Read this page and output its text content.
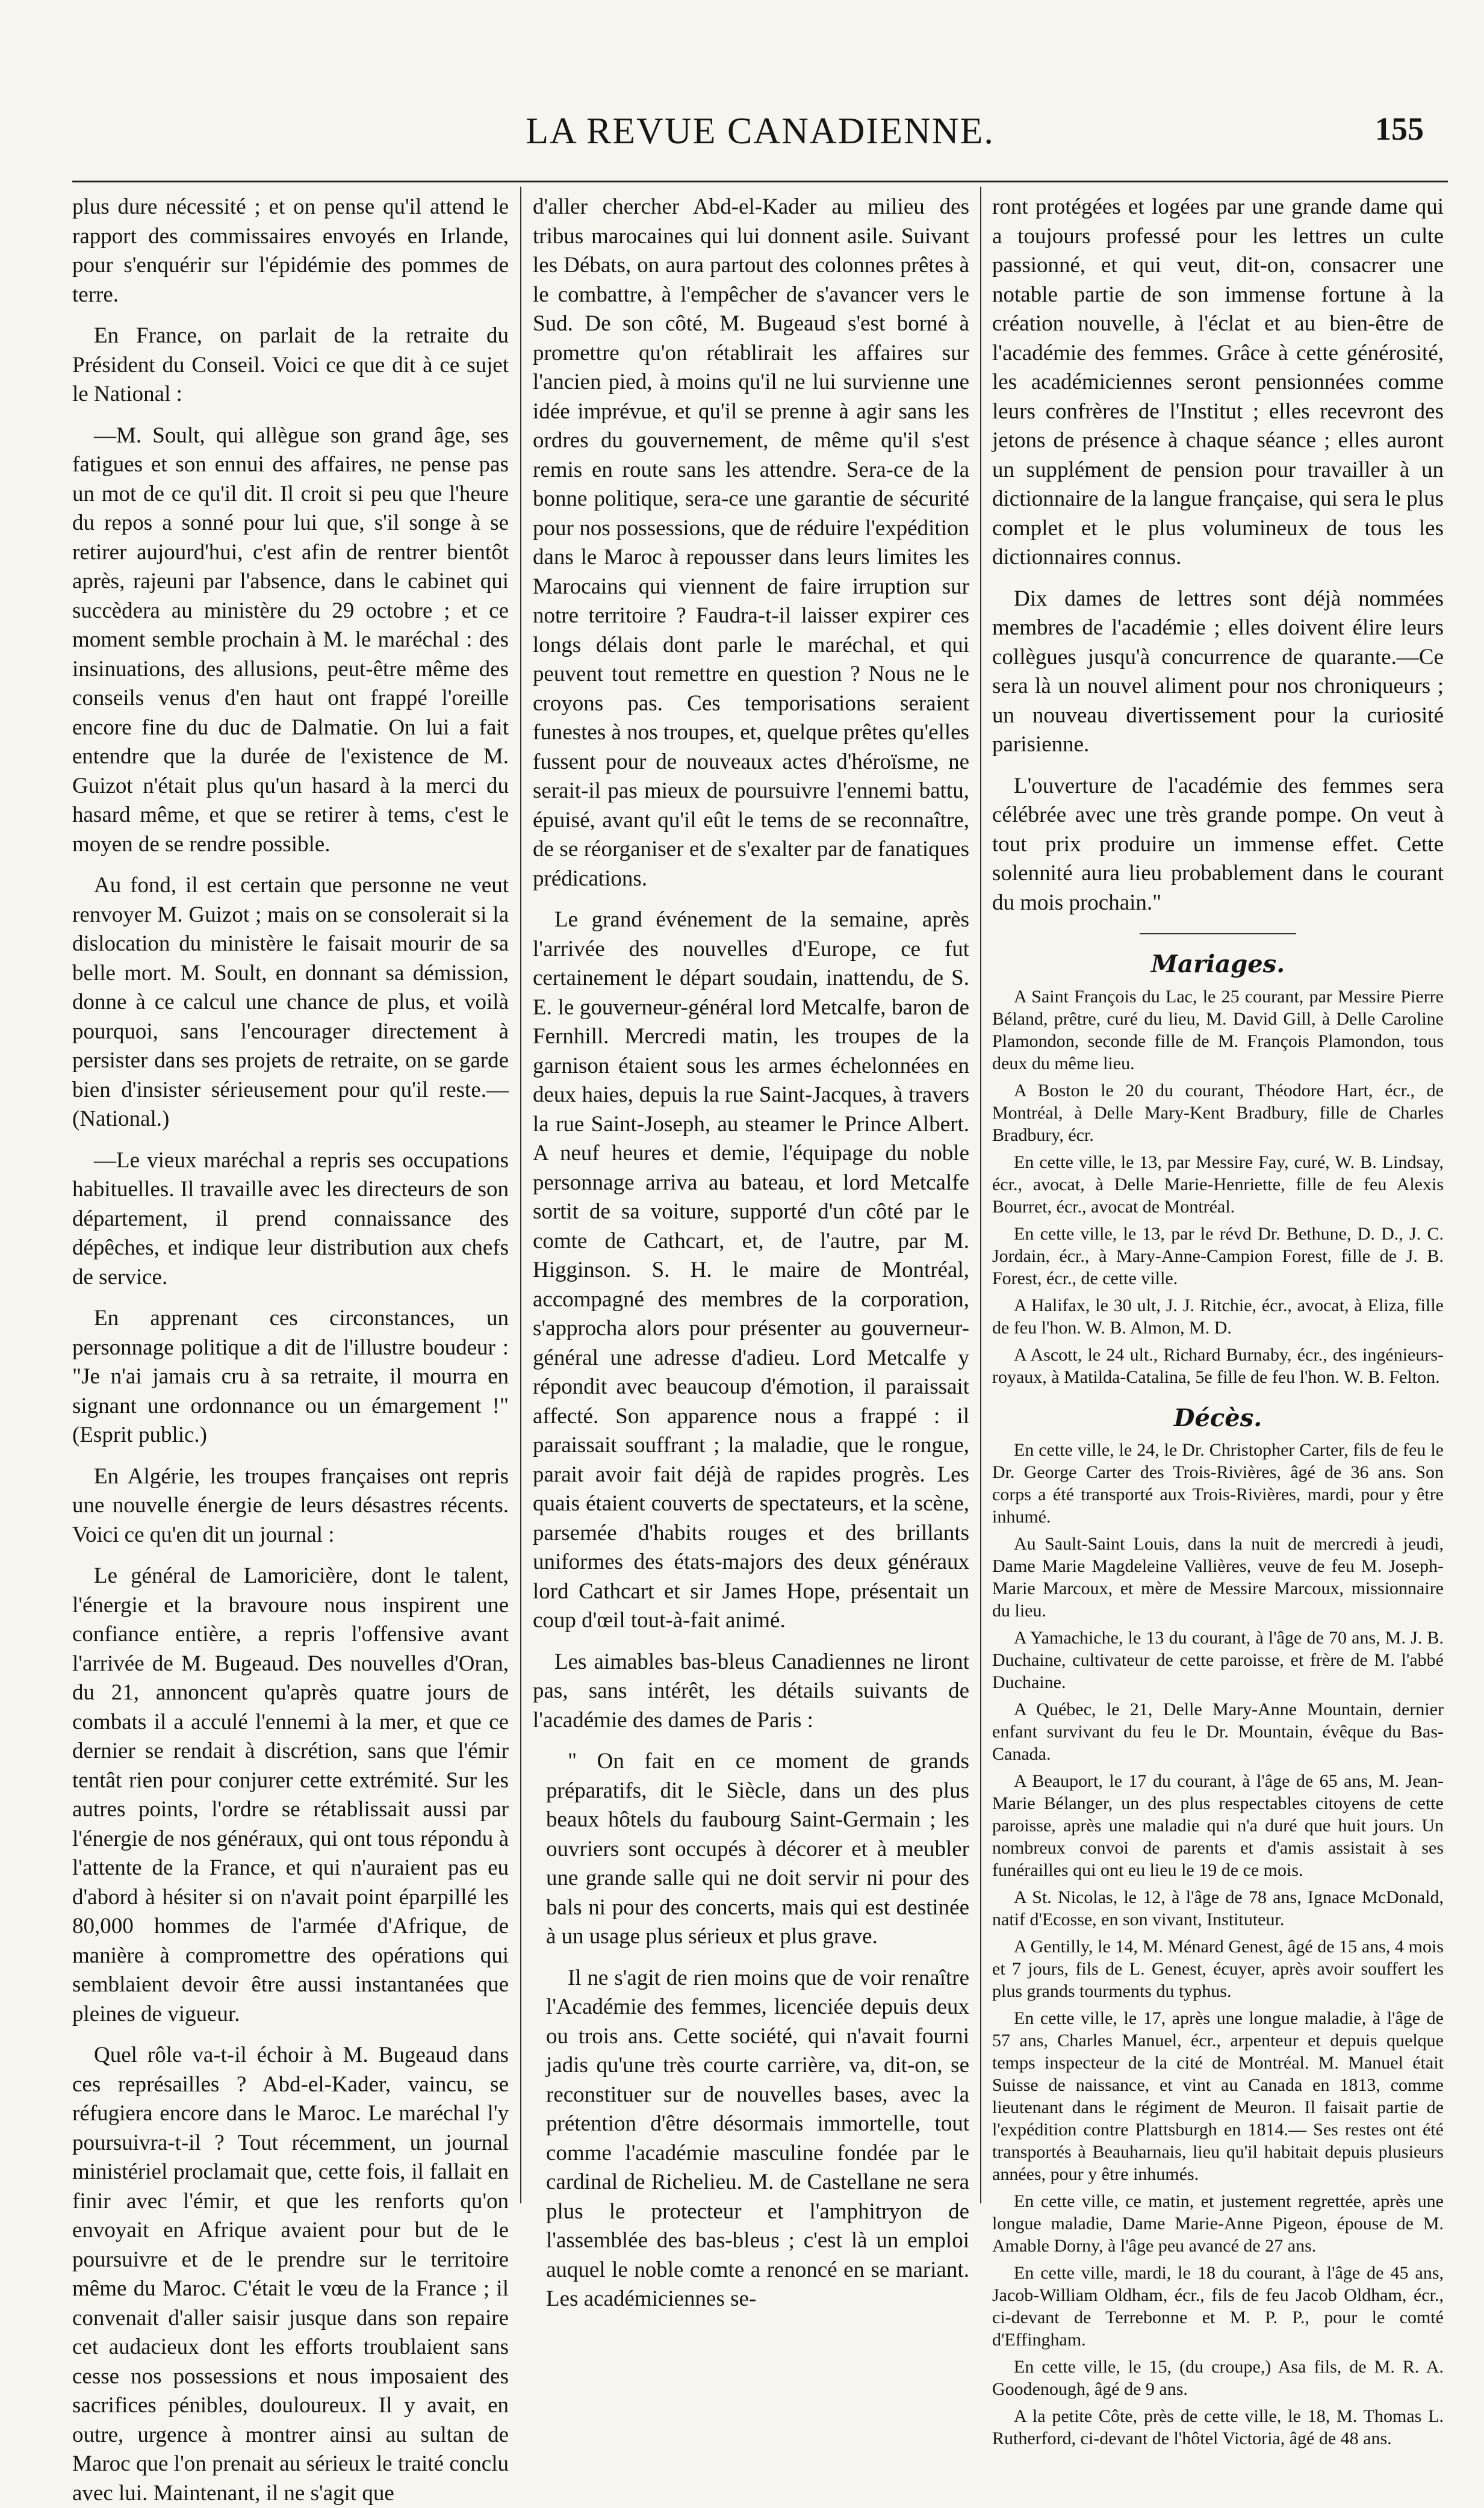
LA REVUE CANADIENNE.	155

plus dure nécessité ; et on pense qu'il attend le rapport des commissaires envoyés en Irlande, pour s'enquérir sur l'épidémie des pommes de terre.

En France, on parlait de la retraite du Président du Conseil. Voici ce que dit à ce sujet le National :

—M. Soult, qui allègue son grand âge, ses fatigues et son ennui des affaires, ne pense pas un mot de ce qu'il dit. Il croit si peu que l'heure du repos a sonné pour lui que, s'il songe à se retirer aujourd'hui, c'est afin de rentrer bientôt après, rajeuni par l'absence, dans le cabinet qui succèdera au ministère du 29 octobre ; et ce moment semble prochain à M. le maréchal : des insinuations, des allusions, peut-être même des conseils venus d'en haut ont frappé l'oreille encore fine du duc de Dalmatie. On lui a fait entendre que la durée de l'existence de M. Guizot n'était plus qu'un hasard à la merci du hasard même, et que se retirer à tems, c'est le moyen de se rendre possible.

Au fond, il est certain que personne ne veut renvoyer M. Guizot ; mais on se consolerait si la dislocation du ministère le faisait mourir de sa belle mort. M. Soult, en donnant sa démission, donne à ce calcul une chance de plus, et voilà pourquoi, sans l'encourager directement à persister dans ses projets de retraite, on se garde bien d'insister sérieusement pour qu'il reste.—(National.)

—Le vieux maréchal a repris ses occupations habituelles. Il travaille avec les directeurs de son département, il prend connaissance des dépêches, et indique leur distribution aux chefs de service.

En apprenant ces circonstances, un personnage politique a dit de l'illustre boudeur : "Je n'ai jamais cru à sa retraite, il mourra en signant une ordonnance ou un émargement !" (Esprit public.)

En Algérie, les troupes françaises ont repris une nouvelle énergie de leurs désastres récents. Voici ce qu'en dit un journal :

Le général de Lamoricière, dont le talent, l'énergie et la bravoure nous inspirent une confiance entière, a repris l'offensive avant l'arrivée de M. Bugeaud. Des nouvelles d'Oran, du 21, annoncent qu'après quatre jours de combats il a acculé l'ennemi à la mer, et que ce dernier se rendait à discrétion, sans que l'émir tentât rien pour conjurer cette extrémité. Sur les autres points, l'ordre se rétablissait aussi par l'énergie de nos généraux, qui ont tous répondu à l'attente de la France, et qui n'auraient pas eu d'abord à hésiter si on n'avait point éparpillé les 80,000 hommes de l'armée d'Afrique, de manière à compromettre des opérations qui semblaient devoir être aussi instantanées que pleines de vigueur.

Quel rôle va-t-il échoir à M. Bugeaud dans ces représailles ? Abd-el-Kader, vaincu, se réfugiera encore dans le Maroc. Le maréchal l'y poursuivra-t-il ? Tout récemment, un journal ministériel proclamait que, cette fois, il fallait en finir avec l'émir, et que les renforts qu'on envoyait en Afrique avaient pour but de le poursuivre et de le prendre sur le territoire même du Maroc. C'était le vœu de la France ; il convenait d'aller saisir jusque dans son repaire cet audacieux dont les efforts troublaient sans cesse nos possessions et nous imposaient des sacrifices pénibles, douloureux. Il y avait, en outre, urgence à montrer ainsi au sultan de Maroc que l'on prenait au sérieux le traité conclu avec lui. Maintenant, il ne s'agit que

d'aller chercher Abd-el-Kader au milieu des tribus marocaines qui lui donnent asile. Suivant les Débats, on aura partout des colonnes prêtes à le combattre, à l'empêcher de s'avancer vers le Sud. De son côté, M. Bugeaud s'est borné à promettre qu'on rétablirait les affaires sur l'ancien pied, à moins qu'il ne lui survienne une idée imprévue, et qu'il se prenne à agir sans les ordres du gouvernement, de même qu'il s'est remis en route sans les attendre. Sera-ce de la bonne politique, sera-ce une garantie de sécurité pour nos possessions, que de réduire l'expédition dans le Maroc à repousser dans leurs limites les Marocains qui viennent de faire irruption sur notre territoire ? Faudra-t-il laisser expirer ces longs délais dont parle le maréchal, et qui peuvent tout remettre en question ? Nous ne le croyons pas. Ces temporisations seraient funestes à nos troupes, et, quelque prêtes qu'elles fussent pour de nouveaux actes d'héroïsme, ne serait-il pas mieux de poursuivre l'ennemi battu, épuisé, avant qu'il eût le tems de se reconnaître, de se réorganiser et de s'exalter par de fanatiques prédications.

Le grand événement de la semaine, après l'arrivée des nouvelles d'Europe, ce fut certainement le départ soudain, inattendu, de S. E. le gouverneur-général lord Metcalfe, baron de Fernhill. Mercredi matin, les troupes de la garnison étaient sous les armes échelonnées en deux haies, depuis la rue Saint-Jacques, à travers la rue Saint-Joseph, au steamer le Prince Albert. A neuf heures et demie, l'équipage du noble personnage arriva au bateau, et lord Metcalfe sortit de sa voiture, supporté d'un côté par le comte de Cathcart, et, de l'autre, par M. Higginson. S. H. le maire de Montréal, accompagné des membres de la corporation, s'approcha alors pour présenter au gouverneur-général une adresse d'adieu. Lord Metcalfe y répondit avec beaucoup d'émotion, il paraissait affecté. Son apparence nous a frappé : il paraissait souffrant ; la maladie, que le rongue, parait avoir fait déjà de rapides progrès. Les quais étaient couverts de spectateurs, et la scène, parsemée d'habits rouges et des brillants uniformes des états-majors des deux généraux lord Cathcart et sir James Hope, présentait un coup d'œil tout-à-fait animé.

Les aimables bas-bleus Canadiennes ne liront pas, sans intérêt, les détails suivants de l'académie des dames de Paris :

" On fait en ce moment de grands préparatifs, dit le Siècle, dans un des plus beaux hôtels du faubourg Saint-Germain ; les ouvriers sont occupés à décorer et à meubler une grande salle qui ne doit servir ni pour des bals ni pour des concerts, mais qui est destinée à un usage plus sérieux et plus grave.

Il ne s'agit de rien moins que de voir renaître l'Académie des femmes, licenciée depuis deux ou trois ans. Cette société, qui n'avait fourni jadis qu'une très courte carrière, va, dit-on, se reconstituer sur de nouvelles bases, avec la prétention d'être désormais immortelle, tout comme l'académie masculine fondée par le cardinal de Richelieu. M. de Castellane ne sera plus le protecteur et l'amphitryon de l'assemblée des bas-bleus ; c'est là un emploi auquel le noble comte a renoncé en se mariant. Les académiciennes se-

ront protégées et logées par une grande dame qui a toujours professé pour les lettres un culte passionné, et qui veut, dit-on, consacrer une notable partie de son immense fortune à la création nouvelle, à l'éclat et au bien-être de l'académie des femmes. Grâce à cette générosité, les académiciennes seront pensionnées comme leurs confrères de l'Institut ; elles recevront des jetons de présence à chaque séance ; elles auront un supplément de pension pour travailler à un dictionnaire de la langue française, qui sera le plus complet et le plus volumineux de tous les dictionnaires connus.

Dix dames de lettres sont déjà nommées membres de l'académie ; elles doivent élire leurs collègues jusqu'à concurrence de quarante.—Ce sera là un nouvel aliment pour nos chroniqueurs ; un nouveau divertissement pour la curiosité parisienne.

L'ouverture de l'académie des femmes sera célébrée avec une très grande pompe. On veut à tout prix produire un immense effet. Cette solennité aura lieu probablement dans le courant du mois prochain."

Mariages.

A Saint François du Lac, le 25 courant, par Messire Pierre Béland, prêtre, curé du lieu, M. David Gill, à Delle Caroline Plamondon, seconde fille de M. François Plamondon, tous deux du même lieu.

A Boston le 20 du courant, Théodore Hart, écr., de Montréal, à Delle Mary-Kent Bradbury, fille de Charles Bradbury, écr.

En cette ville, le 13, par Messire Fay, curé, W. B. Lindsay, écr., avocat, à Delle Marie-Henriette, fille de feu Alexis Bourret, écr., avocat de Montréal.

En cette ville, le 13, par le révd Dr. Bethune, D. D., J. C. Jordain, écr., à Mary-Anne-Campion Forest, fille de J. B. Forest, écr., de cette ville.

A Halifax, le 30 ult, J. J. Ritchie, écr., avocat, à Eliza, fille de feu l'hon. W. B. Almon, M. D.

A Ascott, le 24 ult., Richard Burnaby, écr., des ingénieurs-royaux, à Matilda-Catalina, 5e fille de feu l'hon. W. B. Felton.

Décès.

En cette ville, le 24, le Dr. Christopher Carter, fils de feu le Dr. George Carter des Trois-Rivières, âgé de 36 ans. Son corps a été transporté aux Trois-Rivières, mardi, pour y être inhumé.

Au Sault-Saint Louis, dans la nuit de mercredi à jeudi, Dame Marie Magdeleine Vallières, veuve de feu M. Joseph-Marie Marcoux, et mère de Messire Marcoux, missionnaire du lieu.

A Yamachiche, le 13 du courant, à l'âge de 70 ans, M. J. B. Duchaine, cultivateur de cette paroisse, et frère de M. l'abbé Duchaine.

A Québec, le 21, Delle Mary-Anne Mountain, dernier enfant survivant du feu le Dr. Mountain, évêque du Bas-Canada.

A Beauport, le 17 du courant, à l'âge de 65 ans, M. Jean-Marie Bélanger, un des plus respectables citoyens de cette paroisse, après une maladie qui n'a duré que huit jours. Un nombreux convoi de parents et d'amis assistait à ses funérailles qui ont eu lieu le 19 de ce mois.

A St. Nicolas, le 12, à l'âge de 78 ans, Ignace McDonald, natif d'Ecosse, en son vivant, Instituteur.

A Gentilly, le 14, M. Ménard Genest, âgé de 15 ans, 4 mois et 7 jours, fils de L. Genest, écuyer, après avoir souffert les plus grands tourments du typhus.

En cette ville, le 17, après une longue maladie, à l'âge de 57 ans, Charles Manuel, écr., arpenteur et depuis quelque temps inspecteur de la cité de Montréal. M. Manuel était Suisse de naissance, et vint au Canada en 1813, comme lieutenant dans le régiment de Meuron. Il faisait partie de l'expédition contre Plattsburgh en 1814.— Ses restes ont été transportés à Beauharnais, lieu qu'il habitait depuis plusieurs années, pour y être inhumés.

En cette ville, ce matin, et justement regrettée, après une longue maladie, Dame Marie-Anne Pigeon, épouse de M. Amable Dorny, à l'âge peu avancé de 27 ans.

En cette ville, mardi, le 18 du courant, à l'âge de 45 ans, Jacob-William Oldham, écr., fils de feu Jacob Oldham, écr., ci-devant de Terrebonne et M. P. P., pour le comté d'Effingham.

En cette ville, le 15, (du croupe,) Asa fils, de M. R. A. Goodenough, âgé de 9 ans.

A la petite Côte, près de cette ville, le 18, M. Thomas L. Rutherford, ci-devant de l'hôtel Victoria, âgé de 48 ans.
